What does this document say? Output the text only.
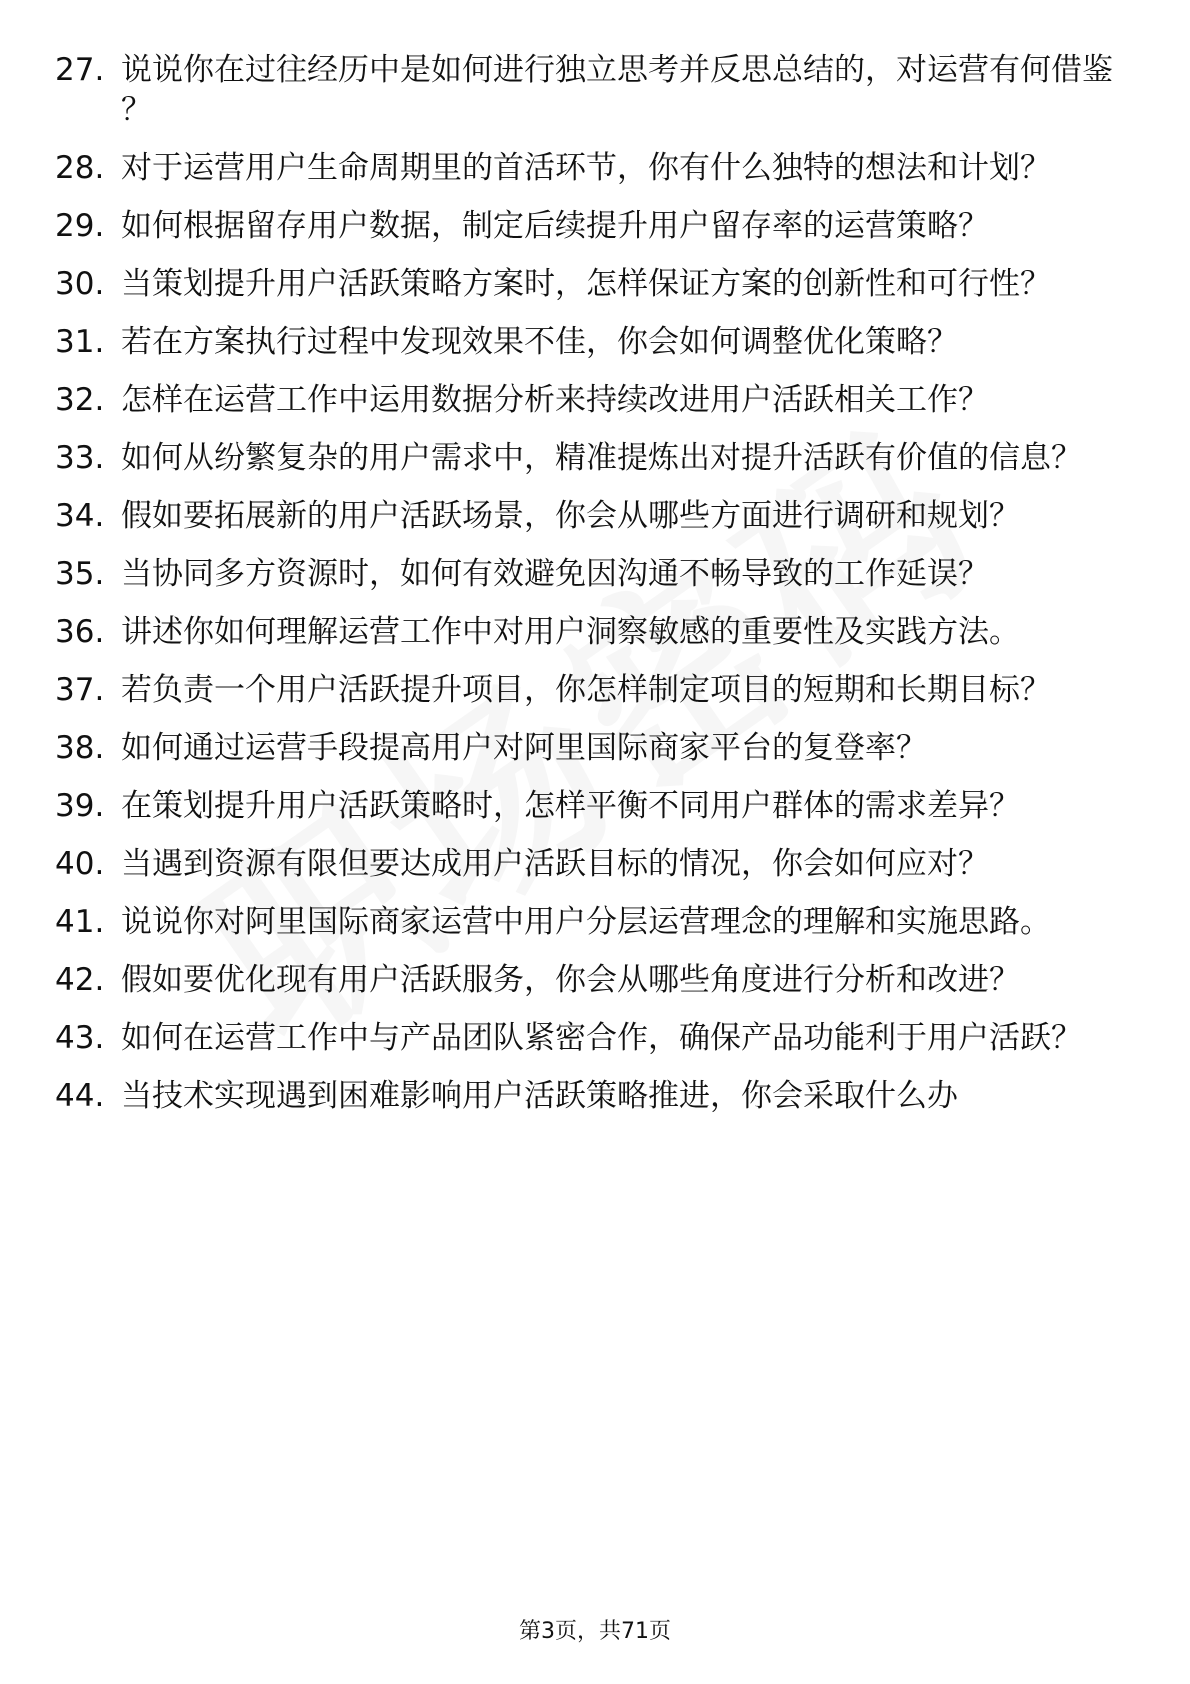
27. 说说你在过往经历中是如何进行独立思考并反思总结的，对运营有何借鉴？
28. 对于运营用户生命周期里的首活环节，你有什么独特的想法和计划？
29. 如何根据留存用户数据，制定后续提升用户留存率的运营策略？
30. 当策划提升用户活跃策略方案时，怎样保证方案的创新性和可行性？
31. 若在方案执行过程中发现效果不佳，你会如何调整优化策略？
32. 怎样在运营工作中运用数据分析来持续改进用户活跃相关工作？
33. 如何从纷繁复杂的用户需求中，精准提炼出对提升活跃有价值的信息？
34. 假如要拓展新的用户活跃场景，你会从哪些方面进行调研和规划？
35. 当协同多方资源时，如何有效避免因沟通不畅导致的工作延误？
36. 讲述你如何理解运营工作中对用户洞察敏感的重要性及实践方法。
37. 若负责一个用户活跃提升项目，你怎样制定项目的短期和长期目标？
38. 如何通过运营手段提高用户对阿里国际商家平台的复登率？
39. 在策划提升用户活跃策略时，怎样平衡不同用户群体的需求差异？
40. 当遇到资源有限但要达成用户活跃目标的情况，你会如何应对？
41. 说说你对阿里国际商家运营中用户分层运营理念的理解和实施思路。
42. 假如要优化现有用户活跃服务，你会从哪些角度进行分析和改进？
43. 如何在运营工作中与产品团队紧密合作，确保产品功能利于用户活跃？
44. 当技术实现遇到困难影响用户活跃策略推进，你会采取什么办
第3页，共71页
